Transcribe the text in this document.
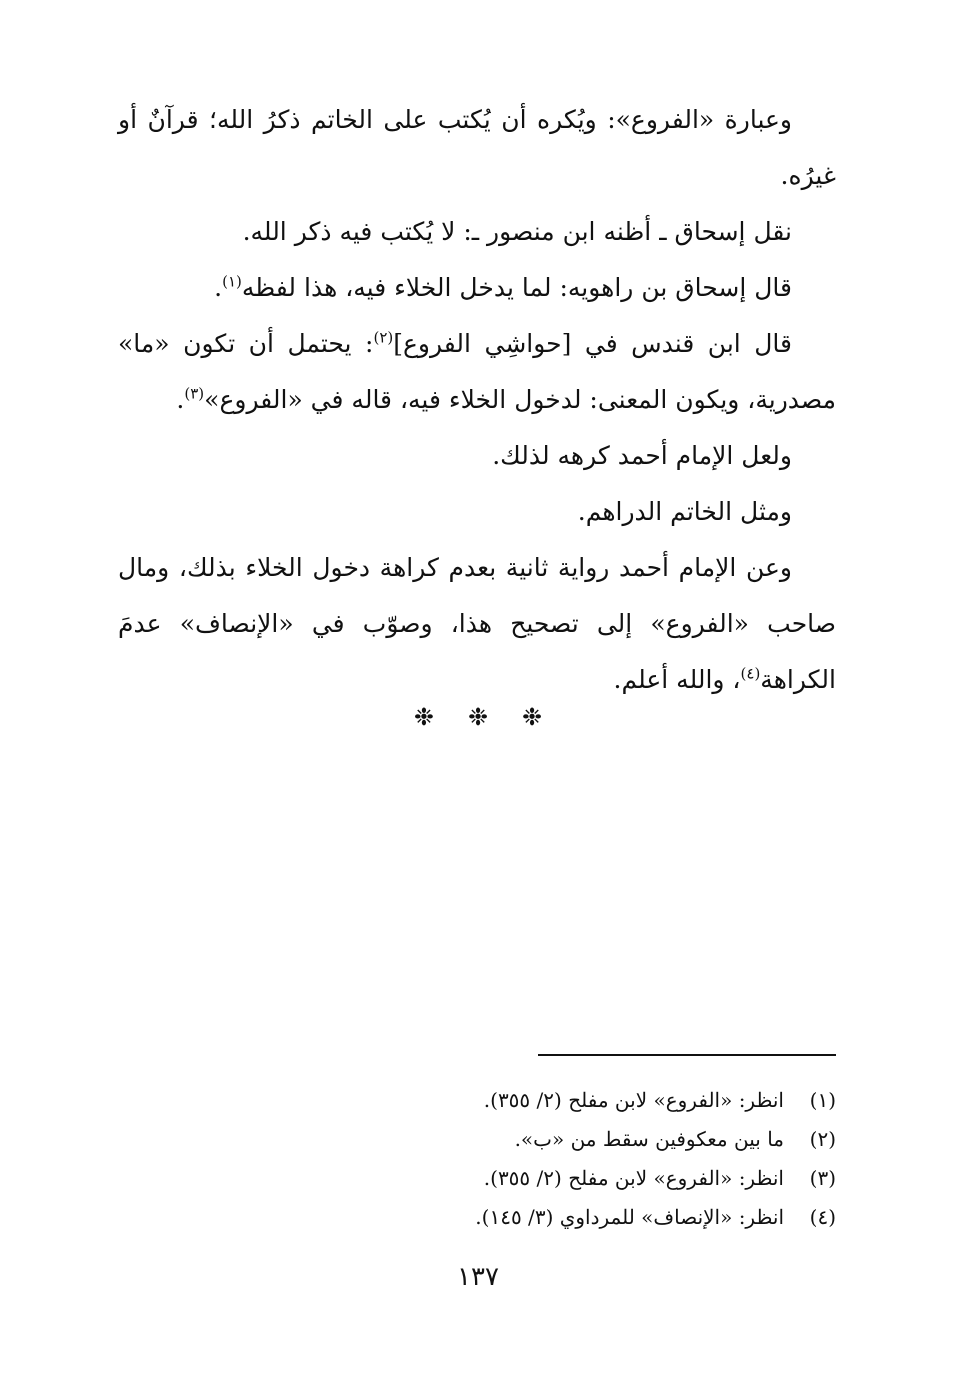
وعبارة «الفروع»: ويُكره أن يُكتب على الخاتم ذكرُ الله؛ قرآنٌ أو غيرُه.

نقل إسحاق ـ أظنه ابن منصور ـ: لا يُكتب فيه ذكر الله.

قال إسحاق بن راهويه: لما يدخل الخلاء فيه، هذا لفظه$^{(١)}$.

قال ابن قندس في [حواشِي الفروع]$^{(٢)}$: يحتمل أن تكون «ما» مصدرية، ويكون المعنى: لدخول الخلاء فيه، قاله في «الفروع»$^{(٣)}$.

ولعل الإمام أحمد كرهه لذلك.

ومثل الخاتم الدراهم.

وعن الإمام أحمد رواية ثانية بعدم كراهة دخول الخلاء بذلك، ومال صاحب «الفروع» إلى تصحيح هذا، وصوّب في «الإنصاف» عدمَ الكراهة$^{(٤)}$، والله أعلم.

❉ ❉ ❉
(١)انظر: «الفروع» لابن مفلح (٢/ ٣٥٥).
(٢)ما بين معكوفين سقط من «ب».
(٣)انظر: «الفروع» لابن مفلح (٢/ ٣٥٥).
(٤)انظر: «الإنصاف» للمرداوي (٣/ ١٤٥).
١٣٧
